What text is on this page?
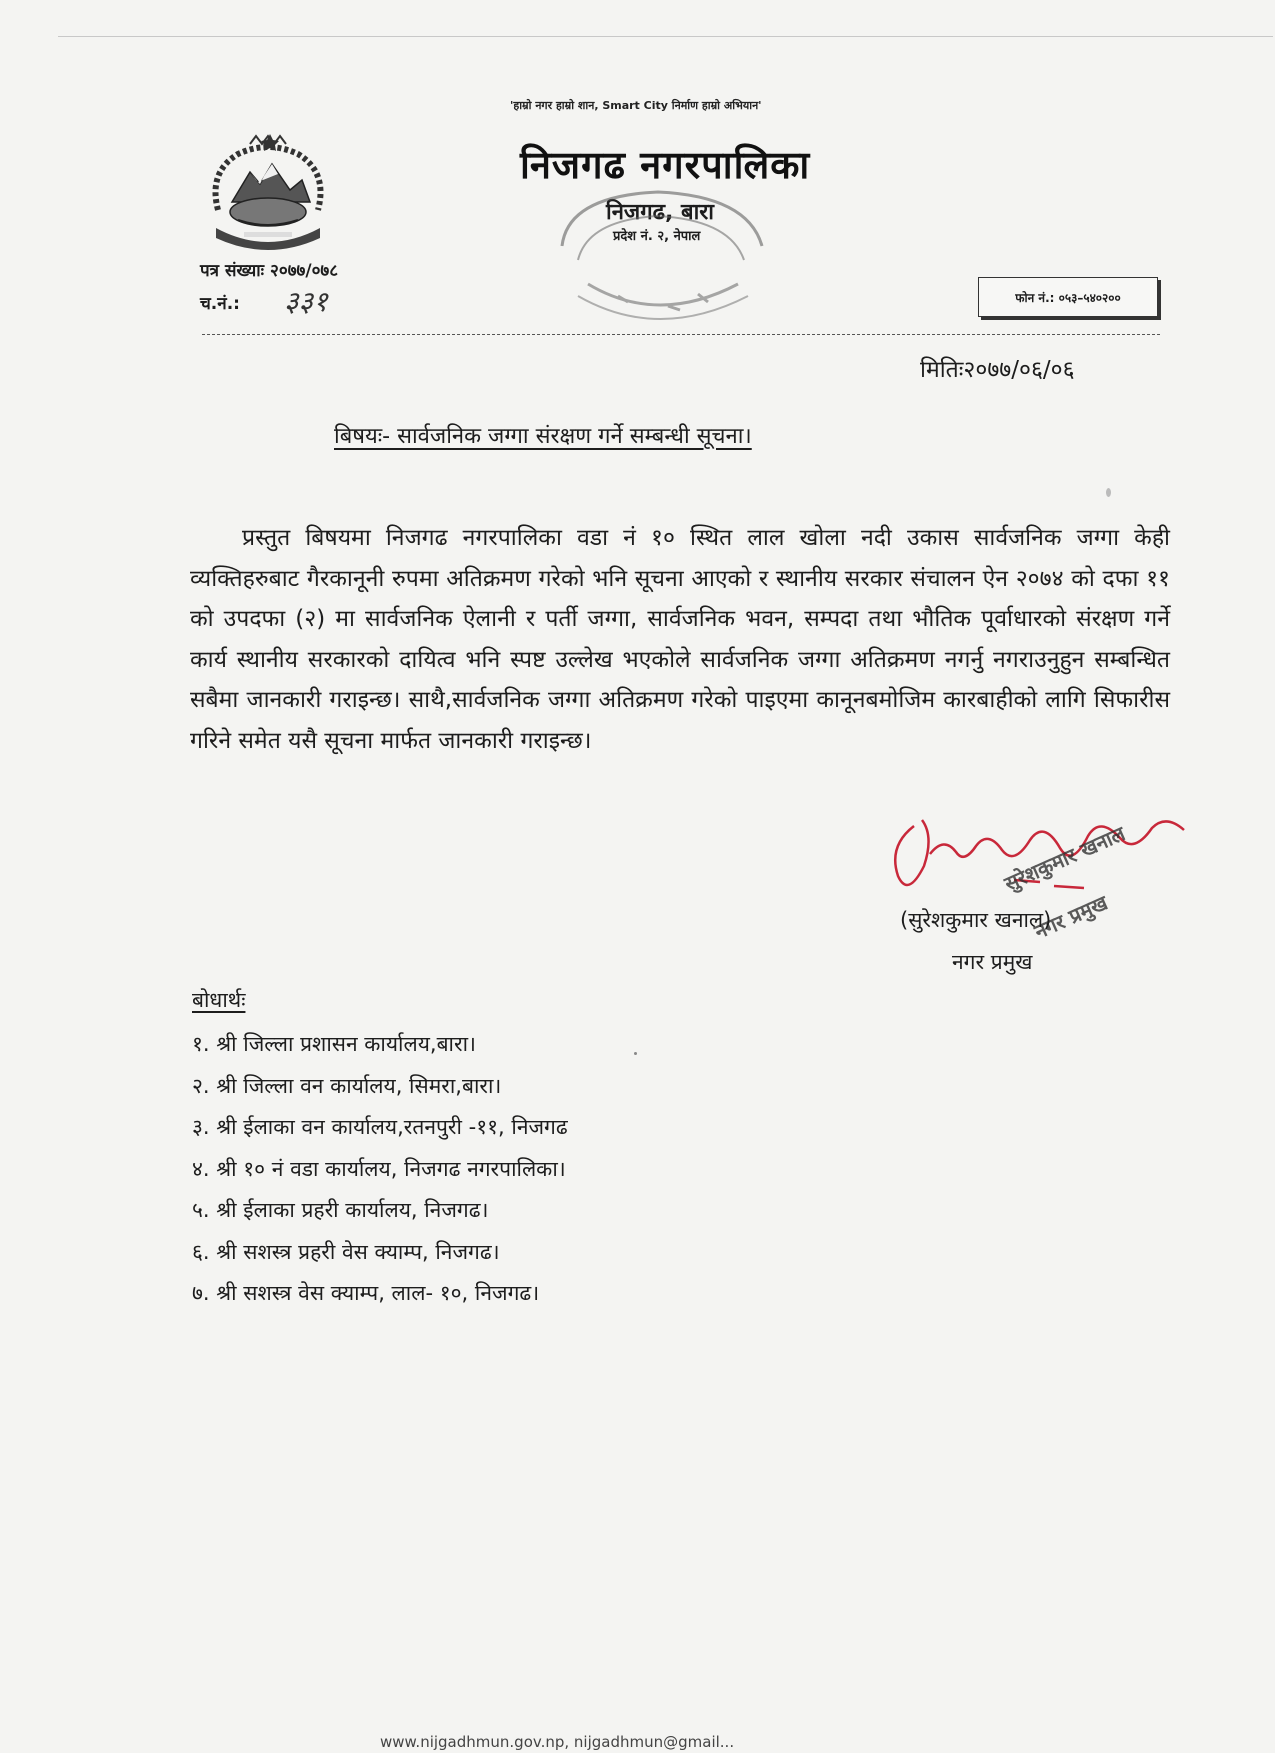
'हाम्रो नगर हाम्रो शान, Smart City निर्माण हाम्रो अभियान'
निजगढ नगरपालिका
निजगढ, बारा
प्रदेश नं. २, नेपाल
पत्र संख्याः २०७७/०७८
च.नं.: ३३१	फोन नं.: ०५३–५४०२००
मितिः२०७७/०६/०६
बिषयः- सार्वजनिक जग्गा संरक्षण गर्ने सम्बन्धी सूचना।

प्रस्तुत बिषयमा निजगढ नगरपालिका वडा नं १० स्थित लाल खोला नदी उकास सार्वजनिक जग्गा केही व्यक्तिहरुबाट गैरकानूनी रुपमा अतिक्रमण गरेको भनि सूचना आएको र स्थानीय सरकार संचालन ऐन २०७४ को दफा ११ को उपदफा (२) मा सार्वजनिक ऐलानी र पर्ती जग्गा, सार्वजनिक भवन, सम्पदा तथा भौतिक पूर्वाधारको संरक्षण गर्ने कार्य स्थानीय सरकारको दायित्व भनि स्पष्ट उल्लेख भएकोले सार्वजनिक जग्गा अतिक्रमण नगर्नु नगराउनुहुन सम्बन्धित सबैमा जानकारी गराइन्छ। साथै,सार्वजनिक जग्गा अतिक्रमण गरेको पाइएमा कानूनबमोजिम कारबाहीको लागि सिफारीस गरिने समेत यसै सूचना मार्फत जानकारी गराइन्छ।

सुरेशकुमार खनाल
नगर प्रमुख
(सुरेशकुमार खनाल)
नगर प्रमुख
बोधार्थः
१. श्री जिल्ला प्रशासन कार्यालय,बारा।
२. श्री जिल्ला वन कार्यालय, सिमरा,बारा।
३. श्री ईलाका वन कार्यालय,रतनपुरी -११, निजगढ
४. श्री १० नं वडा कार्यालय, निजगढ नगरपालिका।
५. श्री ईलाका प्रहरी कार्यालय, निजगढ।
६. श्री सशस्त्र प्रहरी वेस क्याम्प, निजगढ।
७. श्री सशस्त्र वेस क्याम्प, लाल- १०, निजगढ।
www.nijgadhmun.gov.np, nijgadhmun@gmail...
